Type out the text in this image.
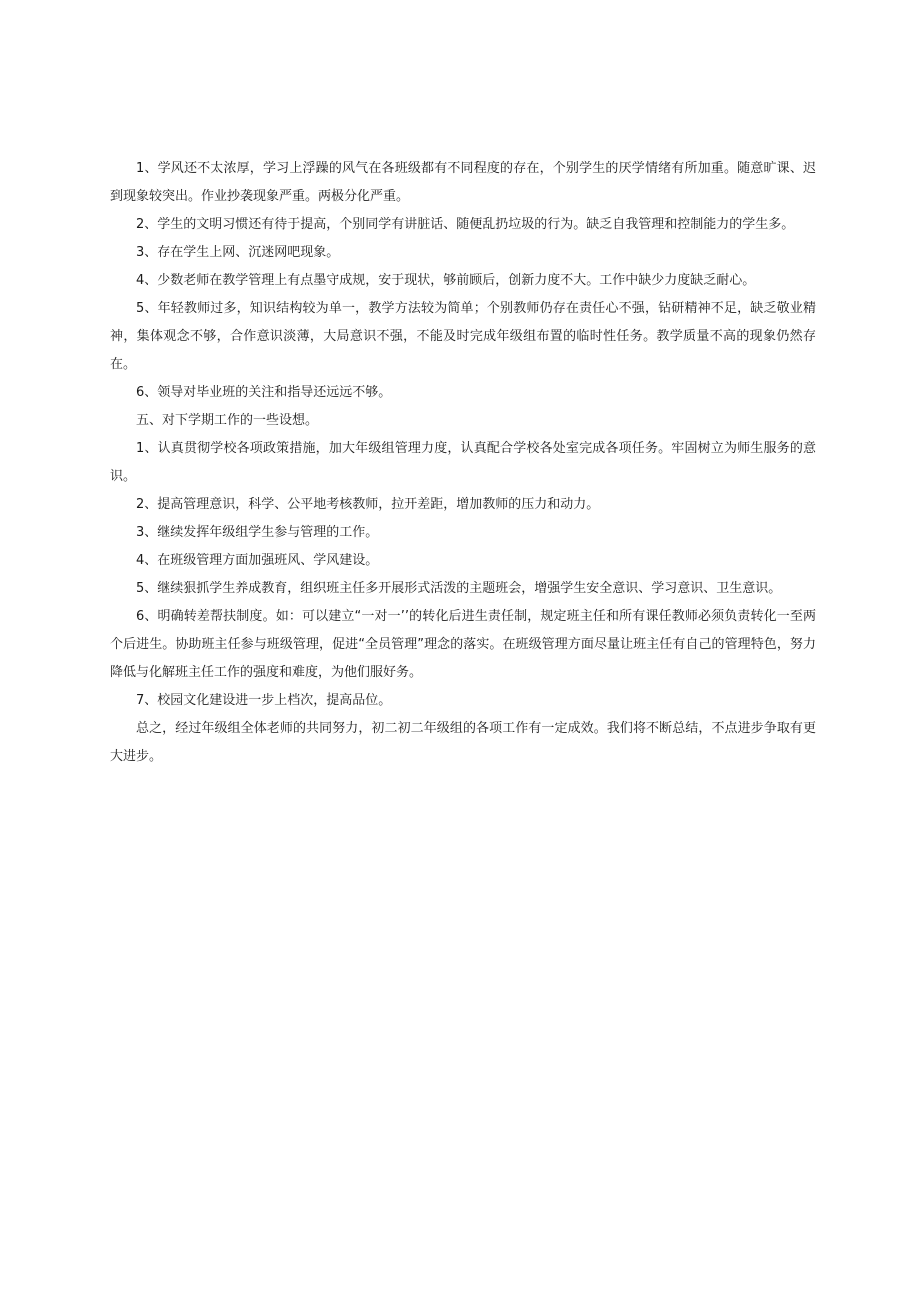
1、学风还不太浓厚，学习上浮躁的风气在各班级都有不同程度的存在，个别学生的厌学情绪有所加重。随意旷课、迟到现象较突出。作业抄袭现象严重。两极分化严重。

2、学生的文明习惯还有待于提高，个别同学有讲脏话、随便乱扔垃圾的行为。缺乏自我管理和控制能力的学生多。

3、存在学生上网、沉迷网吧现象。

4、少数老师在教学管理上有点墨守成规，安于现状，够前顾后，创新力度不大。工作中缺少力度缺乏耐心。

5、年轻教师过多，知识结构较为单一，教学方法较为简单；个别教师仍存在责任心不强，钻研精神不足，缺乏敬业精神，集体观念不够，合作意识淡薄，大局意识不强，不能及时完成年级组布置的临时性任务。教学质量不高的现象仍然存在。

6、领导对毕业班的关注和指导还远远不够。

五、对下学期工作的一些设想。

1、认真贯彻学校各项政策措施，加大年级组管理力度，认真配合学校各处室完成各项任务。牢固树立为师生服务的意识。

2、提高管理意识，科学、公平地考核教师，拉开差距，增加教师的压力和动力。

3、继续发挥年级组学生参与管理的工作。

4、在班级管理方面加强班风、学风建设。

5、继续狠抓学生养成教育，组织班主任多开展形式活泼的主题班会，增强学生安全意识、学习意识、卫生意识。

6、明确转差帮扶制度。如：可以建立“一对一’’的转化后进生责任制，规定班主任和所有课任教师必须负责转化一至两个后进生。协助班主任参与班级管理，促进“全员管理”理念的落实。在班级管理方面尽量让班主任有自己的管理特色，努力降低与化解班主任工作的强度和难度，为他们服好务。

7、校园文化建设进一步上档次，提高品位。

总之，经过年级组全体老师的共同努力，初二初二年级组的各项工作有一定成效。我们将不断总结，不点进步争取有更大进步。
